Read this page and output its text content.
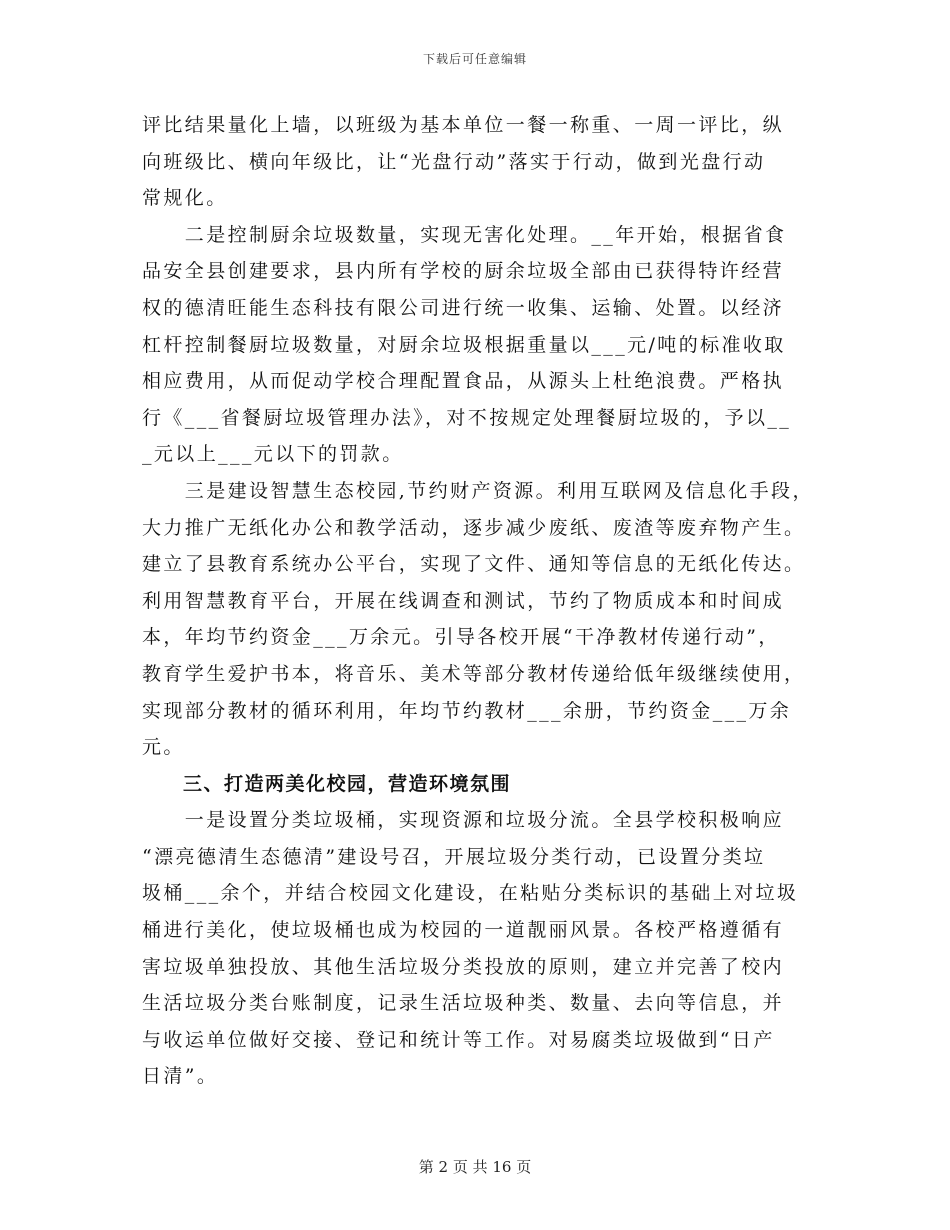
下载后可任意编辑
评比结果量化上墙，以班级为基本单位一餐一称重、一周一评比，纵
向班级比、横向年级比，让“光盘行动”落实于行动，做到光盘行动
常规化。
　　二是控制厨余垃圾数量，实现无害化处理。__年开始，根据省食
品安全县创建要求，县内所有学校的厨余垃圾全部由已获得特许经营
权的德清旺能生态科技有限公司进行统一收集、运输、处置。以经济
杠杆控制餐厨垃圾数量，对厨余垃圾根据重量以___元/吨的标准收取
相应费用，从而促动学校合理配置食品，从源头上杜绝浪费。严格执
行《___省餐厨垃圾管理办法》，对不按规定处理餐厨垃圾的，予以__
_元以上___元以下的罚款。
　　三是建设智慧生态校园,节约财产资源。利用互联网及信息化手段，
大力推广无纸化办公和教学活动，逐步减少废纸、废渣等废弃物产生。
建立了县教育系统办公平台，实现了文件、通知等信息的无纸化传达。
利用智慧教育平台，开展在线调查和测试，节约了物质成本和时间成
本，年均节约资金___万余元。引导各校开展“干净教材传递行动”，
教育学生爱护书本，将音乐、美术等部分教材传递给低年级继续使用，
实现部分教材的循环利用，年均节约教材___余册，节约资金___万余
元。
　　三、打造两美化校园，营造环境氛围
　　一是设置分类垃圾桶，实现资源和垃圾分流。全县学校积极响应
“漂亮德清生态德清”建设号召，开展垃圾分类行动，已设置分类垃
圾桶___余个，并结合校园文化建设，在粘贴分类标识的基础上对垃圾
桶进行美化，使垃圾桶也成为校园的一道靓丽风景。各校严格遵循有
害垃圾单独投放、其他生活垃圾分类投放的原则，建立并完善了校内
生活垃圾分类台账制度，记录生活垃圾种类、数量、去向等信息，并
与收运单位做好交接、登记和统计等工作。对易腐类垃圾做到“日产
日清”。
第 2 页 共 16 页
